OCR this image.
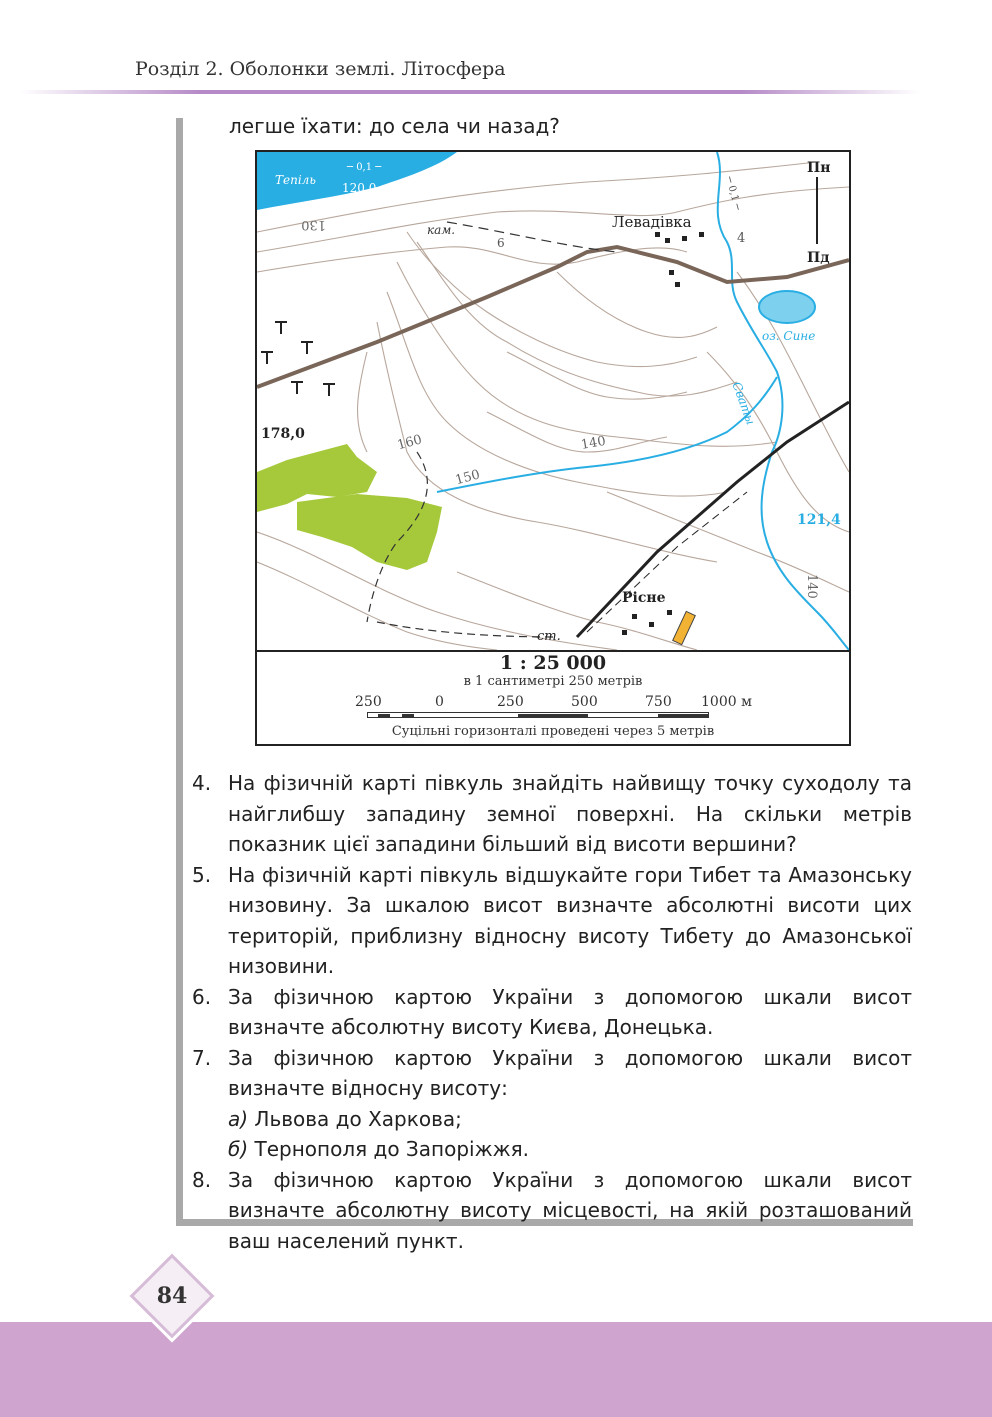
Розділ 2. Оболонки землі. Літосфера
легше їхати: до села чи назад?
Тепіль
─ 0,1 ─
120,0
130	кам.
6
Левадівка
4
Пн
Пд
оз. Сине
Сваты
─ 0,1 ─
178,0	160
150
140
121,4
140
Рісне
ст.
1 : 25 000
в 1 сантиметрі 250 метрів
250	0	250	500	750 1000 м
Суцільні горизонталі проведені через 5 метрів
4. На фізичній карті півкуль знайдіть найвищу точку суходолу та найглибшу западину земної поверхні. На скільки метрів показник цієї западини більший від висоти вершини?
5. На фізичній карті півкуль відшукайте гори Тибет та Амазонську низовину. За шкалою висот визначте абсолютні висоти цих територій, приблизну відносну висоту Тибету до Амазонської низовини.
6. За фізичною картою України з допомогою шкали висот визначте абсолютну висоту Києва, Донецька.
7. За фізичною картою України з допомогою шкали висот визначте відносну висоту:
а) Львова до Харкова;
б) Тернополя до Запоріжжя.
8. За фізичною картою України з допомогою шкали висот визначте абсолютну висоту місцевості, на якій розташований ваш населений пункт.
84
